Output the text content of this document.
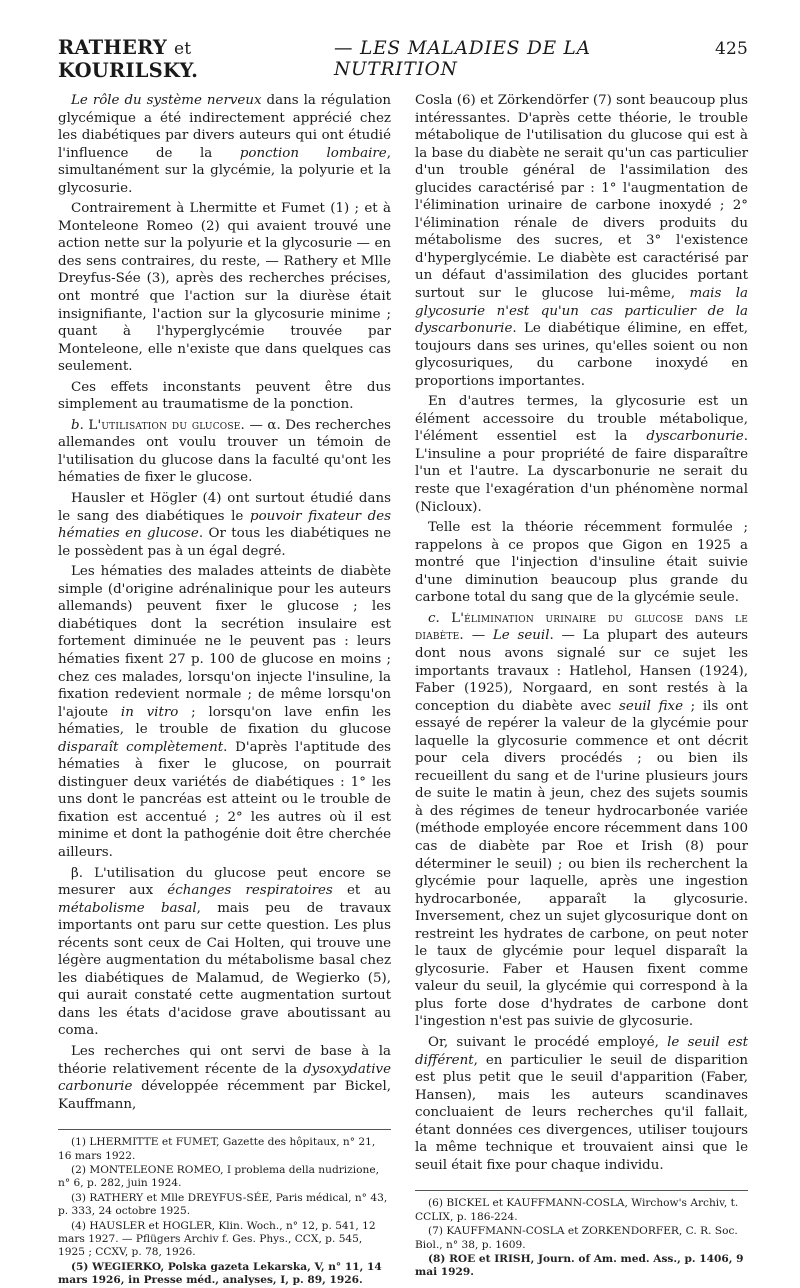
RATHERY et KOURILSKY.
— LES MALADIES DE LA NUTRITION
425

Le rôle du système nerveux dans la régulation glycémique a été indirectement apprécié chez les diabétiques par divers auteurs qui ont étudié l'influence de la ponction lombaire, simultanément sur la glycémie, la polyurie et la glycosurie.

Contrairement à Lhermitte et Fumet (1) ; et à Monteleone Romeo (2) qui avaient trouvé une action nette sur la polyurie et la glycosurie — en des sens contraires, du reste, — Rathery et Mlle Dreyfus-Sée (3), après des recherches précises, ont montré que l'action sur la diurèse était insignifiante, l'action sur la glycosurie minime ; quant à l'hyperglycémie trouvée par Monteleone, elle n'existe que dans quelques cas seulement.

Ces effets inconstants peuvent être dus simplement au traumatisme de la ponction.

b. L'utilisation du glucose. — α. Des recherches allemandes ont voulu trouver un témoin de l'utilisation du glucose dans la faculté qu'ont les hématies de fixer le glucose.

Hausler et Högler (4) ont surtout étudié dans le sang des diabétiques le pouvoir fixateur des hématies en glucose. Or tous les diabétiques ne le possèdent pas à un égal degré.

Les hématies des malades atteints de diabète simple (d'origine adrénalinique pour les auteurs allemands) peuvent fixer le glucose ; les diabétiques dont la secrétion insulaire est fortement diminuée ne le peuvent pas : leurs hématies fixent 27 p. 100 de glucose en moins ; chez ces malades, lorsqu'on injecte l'insuline, la fixation redevient normale ; de même lorsqu'on l'ajoute in vitro ; lorsqu'on lave enfin les hématies, le trouble de fixation du glucose disparaît complètement. D'après l'aptitude des hématies à fixer le glucose, on pourrait distinguer deux variétés de diabétiques : 1° les uns dont le pancréas est atteint ou le trouble de fixation est accentué ; 2° les autres où il est minime et dont la pathogénie doit être cherchée ailleurs.

β. L'utilisation du glucose peut encore se mesurer aux échanges respiratoires et au métabolisme basal, mais peu de travaux importants ont paru sur cette question. Les plus récents sont ceux de Cai Holten, qui trouve une légère augmentation du métabolisme basal chez les diabétiques de Malamud, de Wegierko (5), qui aurait constaté cette augmentation surtout dans les états d'acidose grave aboutissant au coma.

Les recherches qui ont servi de base à la théorie relativement récente de la dysoxydative carbonurie développée récemment par Bickel, Kauffmann,

(1) LHERMITTE et FUMET, Gazette des hôpitaux, n° 21, 16 mars 1922.

(2) MONTELEONE ROMEO, I problema della nudrizione, n° 6, p. 282, juin 1924.

(3) RATHERY et Mlle DREYFUS-SÉE, Paris médical, n° 43, p. 333, 24 octobre 1925.

(4) HAUSLER et HOGLER, Klin. Woch., n° 12, p. 541, 12 mars 1927. — Pflügers Archiv f. Ges. Phys., CCX, p. 545, 1925 ; CCXV, p. 78, 1926.

(5) WEGIERKO, Polska gazeta Lekarska, V, n° 11, 14 mars 1926, in Presse méd., analyses, I, p. 89, 1926.

Cosla (6) et Zörkendörfer (7) sont beaucoup plus intéressantes. D'après cette théorie, le trouble métabolique de l'utilisation du glucose qui est à la base du diabète ne serait qu'un cas particulier d'un trouble général de l'assimilation des glucides caractérisé par : 1° l'augmentation de l'élimination urinaire de carbone inoxydé ; 2° l'élimination rénale de divers produits du métabolisme des sucres, et 3° l'existence d'hyperglycémie. Le diabète est caractérisé par un défaut d'assimilation des glucides portant surtout sur le glucose lui-même, mais la glycosurie n'est qu'un cas particulier de la dyscarbonurie. Le diabétique élimine, en effet, toujours dans ses urines, qu'elles soient ou non glycosuriques, du carbone inoxydé en proportions importantes.

En d'autres termes, la glycosurie est un élément accessoire du trouble métabolique, l'élément essentiel est la dyscarbonurie. L'insuline a pour propriété de faire disparaître l'un et l'autre. La dyscarbonurie ne serait du reste que l'exagération d'un phénomène normal (Nicloux).

Telle est la théorie récemment formulée ; rappelons à ce propos que Gigon en 1925 a montré que l'injection d'insuline était suivie d'une diminution beaucoup plus grande du carbone total du sang que de la glycémie seule.

c. L'élimination urinaire du glucose dans le diabète. — Le seuil. — La plupart des auteurs dont nous avons signalé sur ce sujet les importants travaux : Hatlehol, Hansen (1924), Faber (1925), Norgaard, en sont restés à la conception du diabète avec seuil fixe ; ils ont essayé de repérer la valeur de la glycémie pour laquelle la glycosurie commence et ont décrit pour cela divers procédés ; ou bien ils recueillent du sang et de l'urine plusieurs jours de suite le matin à jeun, chez des sujets soumis à des régimes de teneur hydrocarbonée variée (méthode employée encore récemment dans 100 cas de diabète par Roe et Irish (8) pour déterminer le seuil) ; ou bien ils recherchent la glycémie pour laquelle, après une ingestion hydrocarbonée, apparaît la glycosurie. Inversement, chez un sujet glycosurique dont on restreint les hydrates de carbone, on peut noter le taux de glycémie pour lequel disparaît la glycosurie. Faber et Hausen fixent comme valeur du seuil, la glycémie qui correspond à la plus forte dose d'hydrates de carbone dont l'ingestion n'est pas suivie de glycosurie.

Or, suivant le procédé employé, le seuil est différent, en particulier le seuil de disparition est plus petit que le seuil d'apparition (Faber, Hansen), mais les auteurs scandinaves concluaient de leurs recherches qu'il fallait, étant données ces divergences, utiliser toujours la même technique et trouvaient ainsi que le seuil était fixe pour chaque individu.

(6) BICKEL et KAUFFMANN-COSLA, Wirchow's Archiv, t. CCLIX, p. 186-224.

(7) KAUFFMANN-COSLA et ZORKENDORFER, C. R. Soc. Biol., n° 38, p. 1609.

(8) ROE et IRISH, Journ. of Am. med. Ass., p. 1406, 9 mai 1929.
